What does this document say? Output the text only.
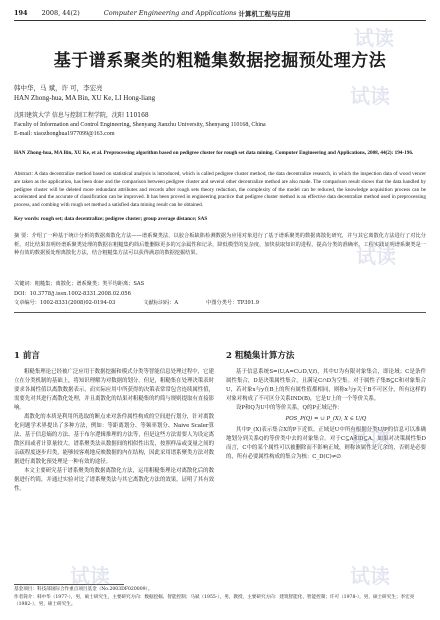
194 2008, 44(2)	Computer Engineering and Applications 计算机工程与应用
基于谱系聚类的粗糙集数据挖掘预处理方法
韩中华，马 斌，许 可，李宏亮
HAN Zhong-hua, MA Bin, XU Ke, LI Hong-liang
沈阳建筑大学 信息与控制工程学院，沈阳 110168
Faculty of Information and Control Engineering, Shenyang Jianzhu University, Shenyang 110168, China
E-mail: xiaozhonghua1977099@163.com
HAN Zhong-hua, MA Bin, XU Ke, et al. Preprocessing algorithm based on pedigree cluster for rough set data mining. Computer Engineering and Applications, 2008, 44(2): 194-196.
Abstract: A data decentralize method based on statistical analysis is introduced, which is called pedigree cluster method, the data decentralize research, in which the inspection data of wood vencer are taken as the application, has been done and the comparison between pedigree cluster and several other decentralize method are also made. The comparison result shows that the data handled by pedigree cluster will be deleted more redundant attributes and records after rough sets theory reduction, the complexity of the model can be reduced, the knowledge acquisition process can be accelerated and the accurate of classification can be improved. It has been proved in engineering practice that pedigree cluster method is an effective data decentralize method used in preprocessing process, and combing with rough set method a satisfied data mining result can be obtained.
Key words: rough set; data decentralize; pedigree cluster; group average distance; SAS
摘 要：介绍了一种基于统计分析的数据离散化方法——谱系聚类法，以胶合板缺陷检测数据为应用对象进行了基于谱系聚类的数据离散化研究，并与其它离散化方法进行了对比分析。对比结果表明经谱系聚类处理的数据在粗糙集约简后能删除更多的冗余属性和记录，降低模型的复杂度，加快获取知识的进程，提高分类的准确率。工程实践证明谱系聚类是一种有效的数据预处理离散化方法，结合粗糙集方法可以获得满意的数据挖掘结果。
关键词：粗糙集；离散化；谱系聚类；类平均距离；SAS
DOI：10.3778/j.issn.1002-8331.2008.02.056
文章编号：1002-8331(2008)02-0194-03	文献标识码：A	中图分类号：TP391.9
1 前言

粗糙集理论已经被广泛应用于数据挖掘和模式分类等智能信息处理过程中，它建立在分类机制的基础上，将知识理解为对数据的划分。但是，粗糙集在处理决策表时要求各属性值以离散数据表示，而实际应用中所获得的决策表常常包含连续属性值，需要先对其进行离散化处理，并且离散化的结果对粗糙集的约简与规则提取有直接影响。

离散化的本质是利用所选取的断点来对条件属性构成的空间进行划分，针对离散化问题学术界提出了多种方法，例如：等距离划分、等频率划分、Naive Scaler算法、基于信息熵的方法、基于布尔逻辑推理的方法等，但是这些方法需要人为设定离散区间或者计算量较大。谱系聚类法从数据间的相似性出发，按照样品或变量之间的亲疏程度逐步归类，能够较客观地反映数据的内在结构，因此采用谱系聚类方法对数据进行离散化预处理是一种有效的途径。

本文主要研究基于谱系聚类的数据离散化方法，运用粗糙集理论对离散化后的数据进行约简，并通过实验对比了谱系聚类法与其它离散化方法的效果，证明了其有效性。

2 粗糙集计算方法

基于信息系统S=(U,A=C∪D,V,f)，其中U为有限对象集合，即论域；C是条件属性集合，D是决策属性集合，且满足C∩D为空集。对于属性子集B⊆C和对象集合U，若对象x与y在B上的所有属性值都相同，则称x与y关于B不可区分，所有这样的对象对构成了不可区分关系IND(B)，它是U上的一个等价关系。

设P和Q为U中的等价关系，Q的P正域记作：

POS_P(Q) = ∪ P_(X), X ∈ U/Q

其中P_(X)表示集合X的P下近似。正域是U中所有根据分类U/P的信息可以准确地划分到关系Q的等价类中去的对象集合。对于C⊆A和D⊆A，如果对决策属性集D而言，C中的某个属性可以被删除而不影响正域，则称该属性是冗余的，否则是必要的，所有必要属性构成的集合为核：C_D(C)≠∅

基金项目：科技部国际合作重点项目基金（No.2003DF020009）。
作者简介：韩中华（1977-），男，硕士研究生，主要研究方向：数据挖掘、智能控制；马斌（1955-），男，教授，主要研究方向：建筑智能化、智能控制；许可（1978-），男，硕士研究生；李宏亮（1982-），男，硕士研究生。
试读
试读
试读
试读
试读	试读
